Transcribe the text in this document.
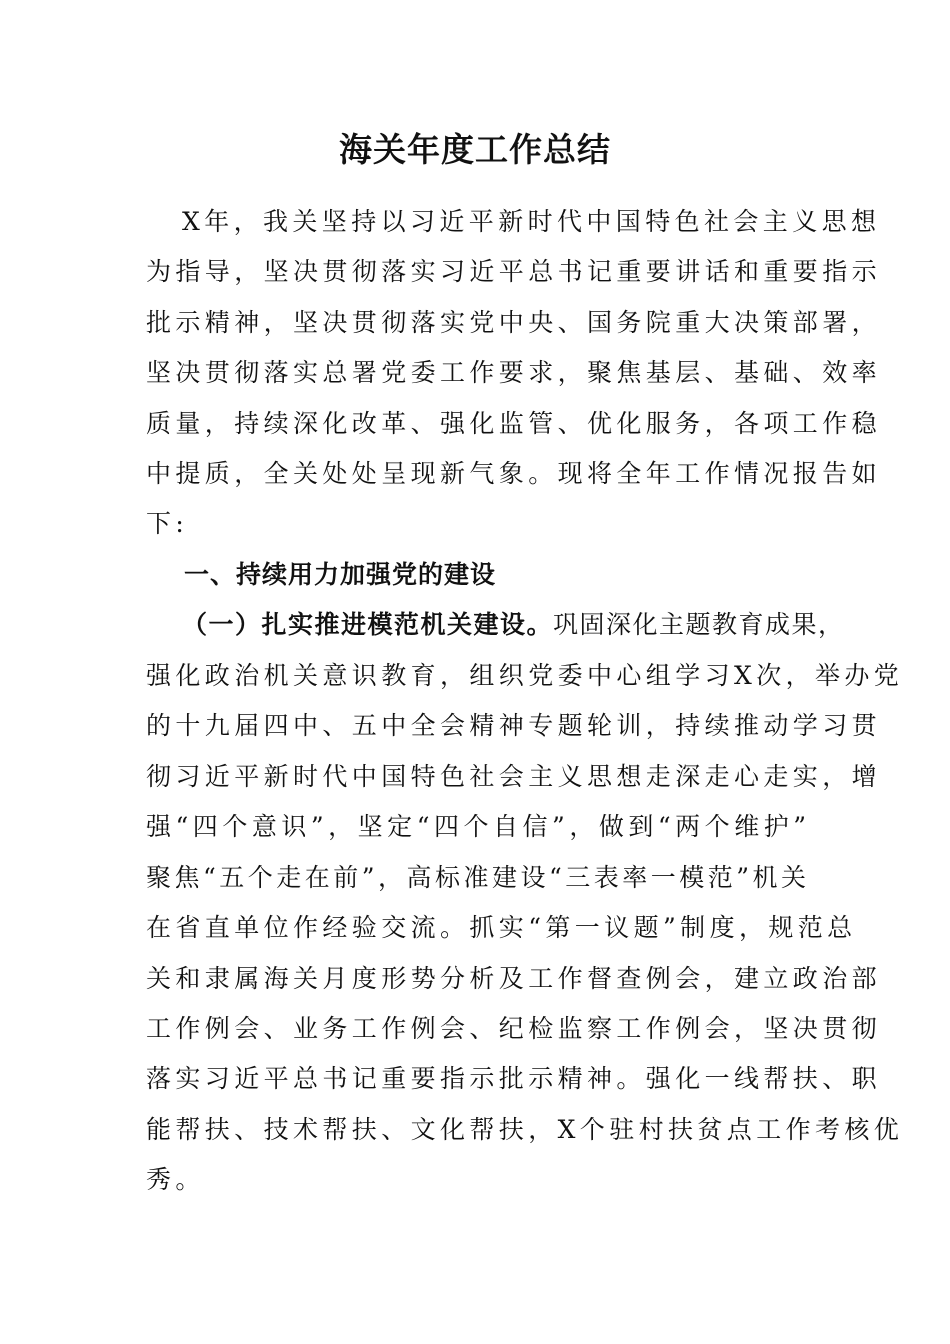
海关年度工作总结
X年，我关坚持以习近平新时代中国特色社会主义思想
为指导，坚决贯彻落实习近平总书记重要讲话和重要指示
批示精神，坚决贯彻落实党中央、国务院重大决策部署，
坚决贯彻落实总署党委工作要求，聚焦基层、基础、效率
质量，持续深化改革、强化监管、优化服务，各项工作稳
中提质，全关处处呈现新气象。现将全年工作情况报告如
下:
一、持续用力加强党的建设
（一）扎实推进模范机关建设。巩固深化主题教育成果，
强化政治机关意识教育，组织党委中心组学习X次，举办党
的十九届四中、五中全会精神专题轮训，持续推动学习贯
彻习近平新时代中国特色社会主义思想走深走心走实，增
强“四个意识”，坚定“四个自信”，做到“两个维护”
聚焦“五个走在前”，高标准建设“三表率一模范”机关
在省直单位作经验交流。抓实“第一议题”制度，规范总
关和隶属海关月度形势分析及工作督查例会，建立政治部
工作例会、业务工作例会、纪检监察工作例会，坚决贯彻
落实习近平总书记重要指示批示精神。强化一线帮扶、职
能帮扶、技术帮扶、文化帮扶，X个驻村扶贫点工作考核优
秀。
